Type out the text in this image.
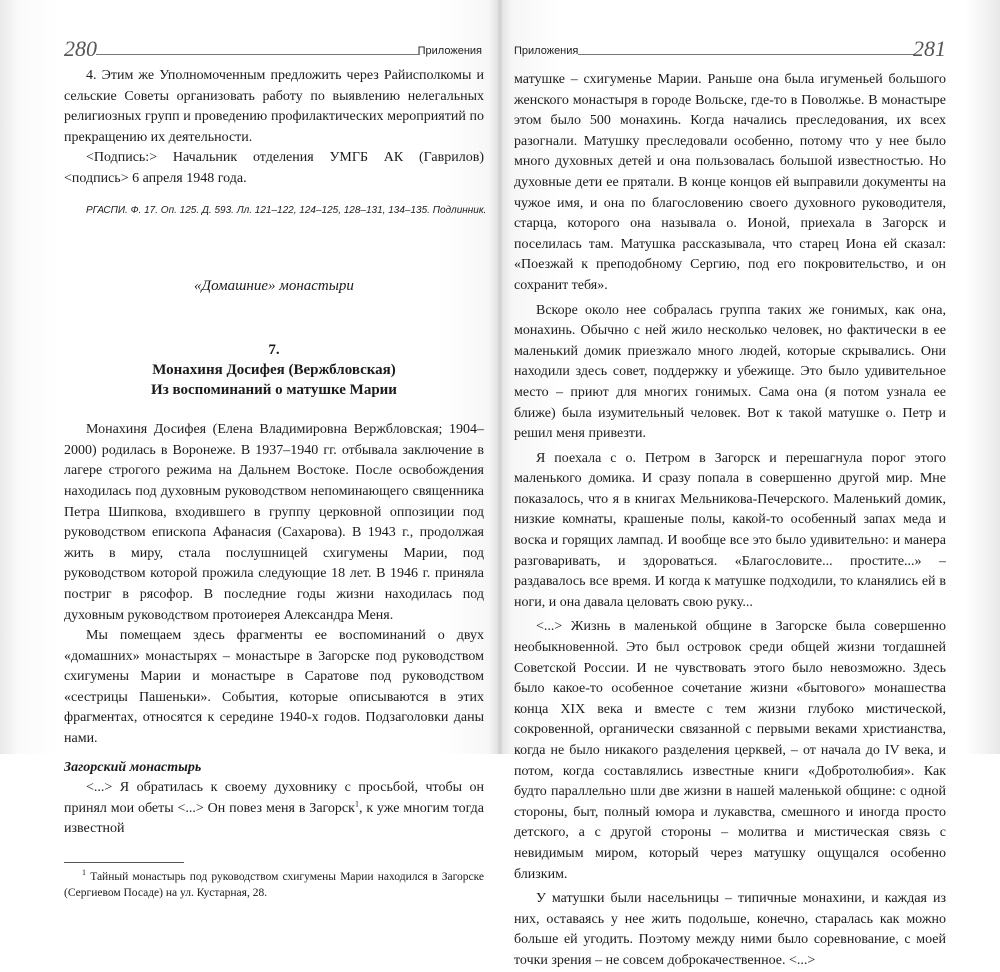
280	Приложения

4. Этим же Уполномоченным предложить через Райисполкомы и сельские Советы организовать работу по выявлению нелегальных религиозных групп и проведению профилактических мероприятий по прекращению их деятельности.

<Подпись:> Начальник отделения УМГБ АК (Гаврилов) <подпись> 6 апреля 1948 года.

РГАСПИ. Ф. 17. Оп. 125. Д. 593. Лл. 121–122, 124–125, 128–131, 134–135. Подлинник.

«Домашние» монастыри

7.

Монахиня Досифея (Вержбловская)

Из воспоминаний о матушке Марии

Монахиня Досифея (Елена Владимировна Вержбловская; 1904–2000) родилась в Воронеже. В 1937–1940 гг. отбывала заключение в лагере строгого режима на Дальнем Востоке. После освобождения находилась под духовным руководством непоминающего священника Петра Шипкова, входившего в группу церковной оппозиции под руководством епископа Афанасия (Сахарова). В 1943 г., продолжая жить в миру, стала послушницей схигумены Марии, под руководством которой прожила следующие 18 лет. В 1946 г. приняла постриг в рясофор. В последние годы жизни находилась под духовным руководством протоиерея Александра Меня.

Мы помещаем здесь фрагменты ее воспоминаний о двух «домашних» монастырях – монастыре в Загорске под руководством схигумены Марии и монастыре в Саратове под руководством «сестрицы Пашеньки». События, которые описываются в этих фрагментах, относятся к середине 1940-х годов. Подзаголовки даны нами.

Загорский монастырь

<...> Я обратилась к своему духовнику с просьбой, чтобы он принял мои обеты <...> Он повез меня в Загорск$^1$, к уже многим тогда известной

$^1$ Тайный монастырь под руководством схигумены Марии находился в Загорске (Сергиевом Посаде) на ул. Кустарная, 28.

Приложения	281

матушке – схигуменье Марии. Раньше она была игуменьей большого женского монастыря в городе Вольске, где-то в Поволжье. В монастыре этом было 500 монахинь. Когда начались преследования, их всех разогнали. Матушку преследовали особенно, потому что у нее было много духовных детей и она пользовалась большой известностью. Но духовные дети ее прятали. В конце концов ей выправили документы на чужое имя, и она по благословению своего духовного руководителя, старца, которого она называла о. Ионой, приехала в Загорск и поселилась там. Матушка рассказывала, что старец Иона ей сказал: «Поезжай к преподобному Сергию, под его покровительство, и он сохранит тебя».

Вскоре около нее собралась группа таких же гонимых, как она, монахинь. Обычно с ней жило несколько человек, но фактически в ее маленький домик приезжало много людей, которые скрывались. Они находили здесь совет, поддержку и убежище. Это было удивительное место – приют для многих гонимых. Сама она (я потом узнала ее ближе) была изумительный человек. Вот к такой матушке о. Петр и решил меня привезти.

Я поехала с о. Петром в Загорск и перешагнула порог этого маленького домика. И сразу попала в совершенно другой мир. Мне показалось, что я в книгах Мельникова-Печерского. Маленький домик, низкие комнаты, крашеные полы, какой-то особенный запах меда и воска и горящих лампад. И вообще все это было удивительно: и манера разговаривать, и здороваться. «Благословите... простите...» – раздавалось все время. И когда к матушке подходили, то кланялись ей в ноги, и она давала целовать свою руку...

<...> Жизнь в маленькой общине в Загорске была совершенно необыкновенной. Это был островок среди общей жизни тогдашней Советской России. И не чувствовать этого было невозможно. Здесь было какое-то особенное сочетание жизни «бытового» монашества конца XIX века и вместе с тем жизни глубоко мистической, сокровенной, органически связанной с первыми веками христианства, когда не было никакого разделения церквей, – от начала до IV века, и потом, когда составлялись известные книги «Добротолюбия». Как будто параллельно шли две жизни в нашей маленькой общине: с одной стороны, быт, полный юмора и лукавства, смешного и иногда просто детского, а с другой стороны – молитва и мистическая связь с невидимым миром, который через матушку ощущался особенно близким.

У матушки были насельницы – типичные монахини, и каждая из них, оставаясь у нее жить подольше, конечно, старалась как можно больше ей угодить. Поэтому между ними было соревнование, с моей точки зрения – не совсем доброкачественное. <...>
